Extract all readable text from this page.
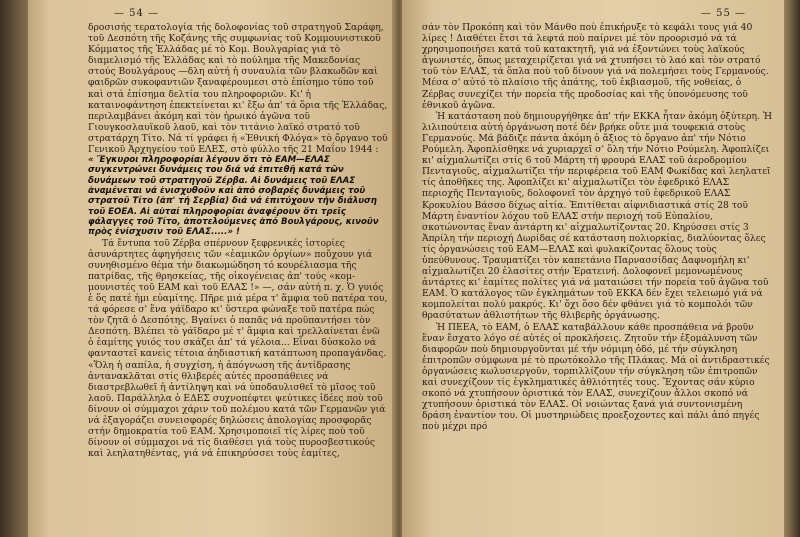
— 54 —

δροσισής τερατολογία τής δολοφονίας τοῦ στρατηγοῦ Σαράφη, τοῦ Δεσπότη τῆς Κοζάνης τῆς συμφωνίας τοῦ Κομμουνιστικοῦ Κόμματος τῆς Ἑλλάδας μέ τὸ Κομ. Βουλγαρίας γιά τὸ διαμελισμό τῆς Ἑλλάδας καὶ τὸ πούλημα τῆς Μακεδονίας στούς Βουλγάρους —δλη αὐτή ἡ συναυλία τῶν βλακωδῶν καὶ φαιδρῶν συκοφαντιῶν ξαναφέρουμεσι στὸ ἐπίσημο τύπο τοῦ καὶ στά ἐπίσημα δελτία του πληροφοριῶν. Κι' ἡ καταινοφάντηση ἐπεκτείνεται κι' ἔξω ἀπ' τά ὅρια τῆς Ἑλλάδας, περιλαμβάνει ἀκόμη καὶ τὸν ἡρωικό ἀγῶνα τοῦ Γιουγκοσλαυϊκοῦ λαοῦ, καὶ τὸν τιτάνιο λαϊκό στρατό τοῦ στρατάρχη Τίτο. Νά τί γράφει ἡ «Ἐθνική Φλόγα» τὸ ὄργανο τοῦ Γενικοῦ Ἀρχηγείου τοῦ ΕΛΕΣ, στὸ φύλλο τῆς 21 Μαΐου 1944 :

« Ἔγκυροι πληροφορίαι λέγουν ὅτι τὸ ΕΑΜ—ΕΛΑΣ συγκεντρώνει δυνάμεις του διά νά ἐπιτεθῆ κατά τῶν δυνάμεων τοῦ στρατηγοῦ Ζέρβα. Αἱ δυνάμεις τοῦ ΕΛΑΣ ἀναμένεται νά ἐνισχυθοῦν καὶ ἀπό σοβαρές δυνάμεις τοῦ στρατοῦ Τίτο (ἀπ' τή Σερβία) διά νά ἐπιτύχουν τήν διάλυση τοῦ ΕΟΕΑ. Αἱ αὐταί πληροφορίαι ἀναφέρουν ὅτι τρεῖς φάλαγγες τοῦ Τίτο, ἀποτελούμενες ἀπό Βουλγάρους, κινοῦν πρὸς ἐνίσχυσιν τοῦ ΕΛΑΣ.....» !

Τά ἔντυπα τοῦ Ζέρβα σπέρνουν ξεφρενικές ἱστορίες ἀσυνάρτητες ἀφηγήσεις τῶν «ἐαμικῶν ὀργίων» ποὔχουν γιά συνηθισμένο θέμα τήν διακωμώδηση τό κουρέλιασμα τῆς πατρίδας, τῆς θρησκείας, τῆς οἰκογένειας ἀπ' τούς «κομ-μουνιστές τοῦ ΕΑΜ καὶ τοῦ ΕΛΑΣ !» —, σάν αὐτή π. χ. Ὁ γυιός ἐ ὅς πατέ ἡμι εὐαμίτης. Πῆρε μιά μέρα τ' ἅμφια τοῦ πατέρα του, τά φόρεσε σ' ἕνα γάϊδαρο κι' ὕστερα φώναξε τοῦ πατέρα πώς τὸν ζητᾶ ὁ Δεσπότης. Βγαίνει ὁ παπᾶς νά προϋπαντήσει τὸν Δεσπότη. Βλέπει τὸ γάϊδαρο μέ τ' ἅμφια καὶ τρελλαίνεται ἐνῶ ὁ ἐαμίτης γυιός του σκάζει ἀπ' τά γέλοια... Εἶναι δύσκολο νά φανταστεῖ κανεὶς τέτοια ἀηδιαστική κατάπτωση προπαγάνδας. «Ὅλη ἡ σαπίλα, ἡ συγχίση, ἡ ἀπόγνωση τῆς ἀντίδρασης ἀντανακλᾶται στίς θλιβερές αὐτές προσπάθειες νά διαστρεβλωθεῖ ἡ ἀντίληψη καὶ νά ὑποδαυλισθεῖ τὸ μῖσος τοῦ λαοῦ. Παράλληλα ὁ ΕΔΕΣ συχνοπέφτει ψεύτικες ἰδέες ποὺ τοῦ δίνουν οἱ σύμμαχοι χάριν τοῦ πολέμου κατά τῶν Γερμανῶν γιά νά ἐξαγοράζει συνεισφορές δηλώσεις ἀπολογίας προσφορᾶς στήν δημοκρατία τοῦ ΕΑΜ. Χρησιμοποιεῖ τίς λίρες ποὺ τοῦ δίνουν οἱ σύμμαχοι νά τίς διαθέσει γιά τοὺς πυροσβεστικούς καὶ λεηλατηθέντας, γιά νά ἐπικηρύσσει τοὺς ἐαμίτες,

— 55 —

σάν τὸν Προκόπη καὶ τὸν Μάνθο ποὺ ἐπικήρυξε τὸ κεφάλι τους γιά 40 λίρες ! Διαθέτει ἔτσι τά λεφτά ποὺ παίρνει μέ τὸν προορισμό νά τά χρησιμοποιήσει κατά τοῦ κατακτητῆ, γιά νά ἐξοντώνει τοὺς λαϊκούς ἀγωνιστές, ὅπως μεταχειρίζεται γιά νά χτυπήσει τὸ λαό καὶ τὸν στρατό τοῦ τὸν ΕΛΑΣ, τά ὅπλα ποὺ τοῦ δίνουν γιά νά πολεμήσει τοὺς Γερμανούς. Μέσα σ' αὐτό τὸ πλαίσιο τῆς ἀπάτης, τοῦ ἐκβιασμοῦ, τῆς νοθείας, ὁ Ζέρβας συνεχίζει τήν πορεία τῆς προδοσίας καὶ τῆς ὑπονόμευσης τοῦ ἐθνικοῦ ἀγῶνα.

Ἡ κατάσταση ποὺ δημιουργήθηκε ἀπ' τήν ΕΚΚΑ ἦταν ἀκόμη ὀξύτερη. Ἡ λιλιπούτεια αὐτή ὀργάνωση ποτέ δέν βρήκε οὔτε μιά τουφεκιά στοὺς Γερμανούς. Μά βάδιζε πάντα ἀκόμη ὁ ἄξιος τὸ ὄργανο ἀπ' τήν Νότιο Ρούμελη. Ἀφοπλίσθηκε νά χυριαρχεῖ σ' ὅλη τήν Νότιο Ρούμελη. Ἀφοπλίζει κι' αἰχμαλωτίζει στίς 6 τοῦ Μάρτη τή φρουρά ΕΛΑΣ τοῦ ἀεροδρομίου Πενταγιοῦς, αἰχμαλωτίζει τήν περιφέρεια τοῦ ΕΑΜ Φωκίδας καὶ λεηλατεῖ τίς ἀποθῆκες της. Ἀφοπλίζει κι' αἰχμαλωτίζει τὸν ἐφεδρικό ΕΛΑΣ περιοχῆς Πενταγιοῦς, δολοφονεῖ τὸν ἀρχηγό τοῦ ἐφεδρικοῦ ΕΛΑΣ Κροκυλίου Βάσσο δίχως αἰτία. Ἐπιτίθεται αἰφνιδιαστικά στίς 28 τοῦ Μάρτη ἐναντίον λόχου τοῦ ΕΛΑΣ στήν περιοχή τοῦ Εὐπαλίου, σκοτώνοντας ἕναν ἀντάρτη κι' αἰχμαλωτίζοντας 20. Κηρύσσει στίς 3 Ἀπρίλη τήν περιοχή Δωρίδας σέ κατάσταση πολιορκίας, διαλύοντας ὅλες τίς ὀργανώσεις τοῦ ΕΑΜ—ΕΛΑΣ καὶ φυλακίζοντας ὅλους τοὺς ὑπεύθυνους. Τραυματίζει τὸν καπετάνιο Παρνασσίδας Δαφνομήλη κι' αἰχμαλωτίζει 20 ἐλασίτες στήν Ἐρατεινή. Δολοφονεῖ μεμονωμένους ἀντάρτες κι' ἐαμίτες πολίτες γιά νά ματαιώσει τήν πορεία τοῦ ἀγῶνα τοῦ ΕΑΜ. Ὁ κατάλογος τῶν ἐγκλημάτων τοῦ ΕΚΚΑ δέν ἔχει τελειωμό γιά νά κομπολείται πολύ μακρύς. Κι' ὅχι ὅσο δέν φθάνει γιά τὸ κομπολόι τῶν θρασύτατων ἀθλιοτήτων τῆς θλιβερῆς ὀργάνωσης.

Ἡ ΠΕΕΑ, τὸ ΕΑΜ, ὁ ΕΛΑΣ καταβάλλουν κάθε προσπάθεια νά βροῦν ἕναν ἔσχατο λόγο σέ αὐτές οἱ προκλήσεις. Ζητοῦν τήν ἐξομάλυνση τῶν διαφορῶν ποὺ δημιουργοῦνται μέ τήν νόμιμη ὁδό, μέ τήν σύγκληση ἐπιτροπῶν σύμφωνα μέ τὸ πρωτόκολλο τῆς Πλάκας. Μά οἱ ἀντιδραστικές ὀργανώσεις κωλυσιεργοῦν, τορπιλλίζουν τήν σύγκληση τῶν ἐπιτροπῶν καὶ συνεχίζουν τίς ἐγκληματικές ἀθλιότητές τους. Ἔχοντας σάν κύριο σκοπό νά χτυπήσουν ὁριστικά τὸν ΕΛΑΣ, συνεχίζουν ἄλλοι σκοπό νά χτυπήσουν ὁριστικά τὸν ΕΛΑΣ. Οἱ νοιώντας ξανά γιά συντονισμένη δράση ἐναντίον του. Οἱ μυστηριώδεις προεξοχοντες καὶ πάλι ἀπό πηγές ποὺ μέχρι πρό
